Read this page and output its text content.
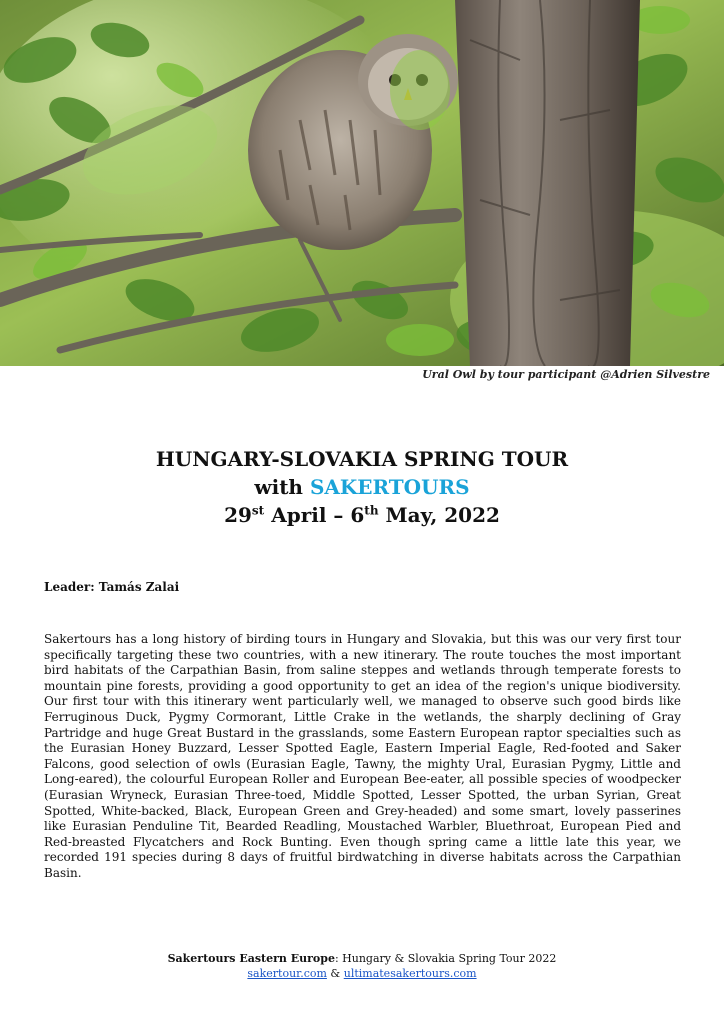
Ural Owl by tour participant @Adrien Silvestre
HUNGARY-SLOVAKIA SPRING TOUR
with SAKERTOURS
29st April – 6th May, 2022
Leader: Tamás Zalai
Sakertours has a long history of birding tours in Hungary and Slovakia, but this was our very first tour specifically targeting these two countries, with a new itinerary. The route touches the most important bird habitats of the Carpathian Basin, from saline steppes and wetlands through temperate forests to mountain pine forests, providing a good opportunity to get an idea of the region's unique biodiversity. Our first tour with this itinerary went particularly well, we managed to observe such good birds like Ferruginous Duck, Pygmy Cormorant, Little Crake in the wetlands, the sharply declining of Gray Partridge and huge Great Bustard in the grasslands, some Eastern European raptor specialties such as the Eurasian Honey Buzzard, Lesser Spotted Eagle, Eastern Imperial Eagle, Red-footed and Saker Falcons, good selection of owls (Eurasian Eagle, Tawny, the mighty Ural, Eurasian Pygmy, Little and Long-eared), the colourful European Roller and European Bee-eater, all possible species of woodpecker (Eurasian Wryneck, Eurasian Three-toed, Middle Spotted, Lesser Spotted, the urban Syrian, Great Spotted, White-backed, Black, European Green and Grey-headed) and some smart, lovely passerines like Eurasian Penduline Tit, Bearded Readling, Moustached Warbler, Bluethroat, European Pied and Red-breasted Flycatchers and Rock Bunting. Even though spring came a little late this year, we recorded 191 species during 8 days of fruitful birdwatching in diverse habitats across the Carpathian Basin.
Sakertours Eastern Europe: Hungary & Slovakia Spring Tour 2022
sakertour.com & ultimatesakertours.com
